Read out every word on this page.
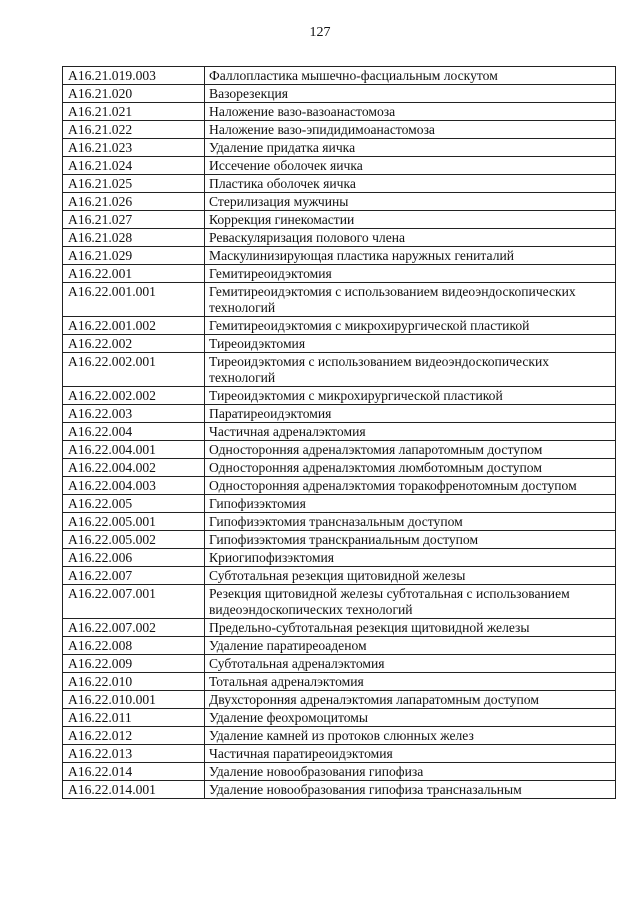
127
A16.21.019.003	Фаллопластика мышечно-фасциальным лоскутом
A16.21.020	Вазорезекция
A16.21.021	Наложение вазо-вазоанастомоза
A16.21.022	Наложение вазо-эпидидимоанастомоза
A16.21.023	Удаление придатка яичка
A16.21.024	Иссечение оболочек яичка
A16.21.025	Пластика оболочек яичка
A16.21.026	Стерилизация мужчины
A16.21.027	Коррекция гинекомастии
A16.21.028	Реваскуляризация полового члена
A16.21.029	Маскулинизирующая пластика наружных гениталий
A16.22.001	Гемитиреоидэктомия
A16.22.001.001	Гемитиреоидэктомия с использованием видеоэндоскопических технологий
A16.22.001.002	Гемитиреоидэктомия с микрохирургической пластикой
A16.22.002	Тиреоидэктомия
A16.22.002.001	Тиреоидэктомия с использованием видеоэндоскопических технологий
A16.22.002.002	Тиреоидэктомия с микрохирургической пластикой
A16.22.003	Паратиреоидэктомия
A16.22.004	Частичная адреналэктомия
A16.22.004.001	Односторонняя адреналэктомия лапаротомным доступом
A16.22.004.002	Односторонняя адреналэктомия люмботомным доступом
A16.22.004.003	Односторонняя адреналэктомия торакофренотомным доступом
A16.22.005	Гипофизэктомия
A16.22.005.001	Гипофизэктомия трансназальным доступом
A16.22.005.002	Гипофизэктомия транскраниальным доступом
A16.22.006	Криогипофизэктомия
A16.22.007	Субтотальная резекция щитовидной железы
A16.22.007.001	Резекция щитовидной железы субтотальная с использованием видеоэндоскопических технологий
A16.22.007.002	Предельно-субтотальная резекция щитовидной железы
A16.22.008	Удаление паратиреоаденом
A16.22.009	Субтотальная адреналэктомия
A16.22.010	Тотальная адреналэктомия
A16.22.010.001	Двухсторонняя адреналэктомия лапаратомным доступом
A16.22.011	Удаление феохромоцитомы
A16.22.012	Удаление камней из протоков слюнных желез
A16.22.013	Частичная паратиреоидэктомия
A16.22.014	Удаление новообразования гипофиза
A16.22.014.001	Удаление новообразования гипофиза трансназальным
